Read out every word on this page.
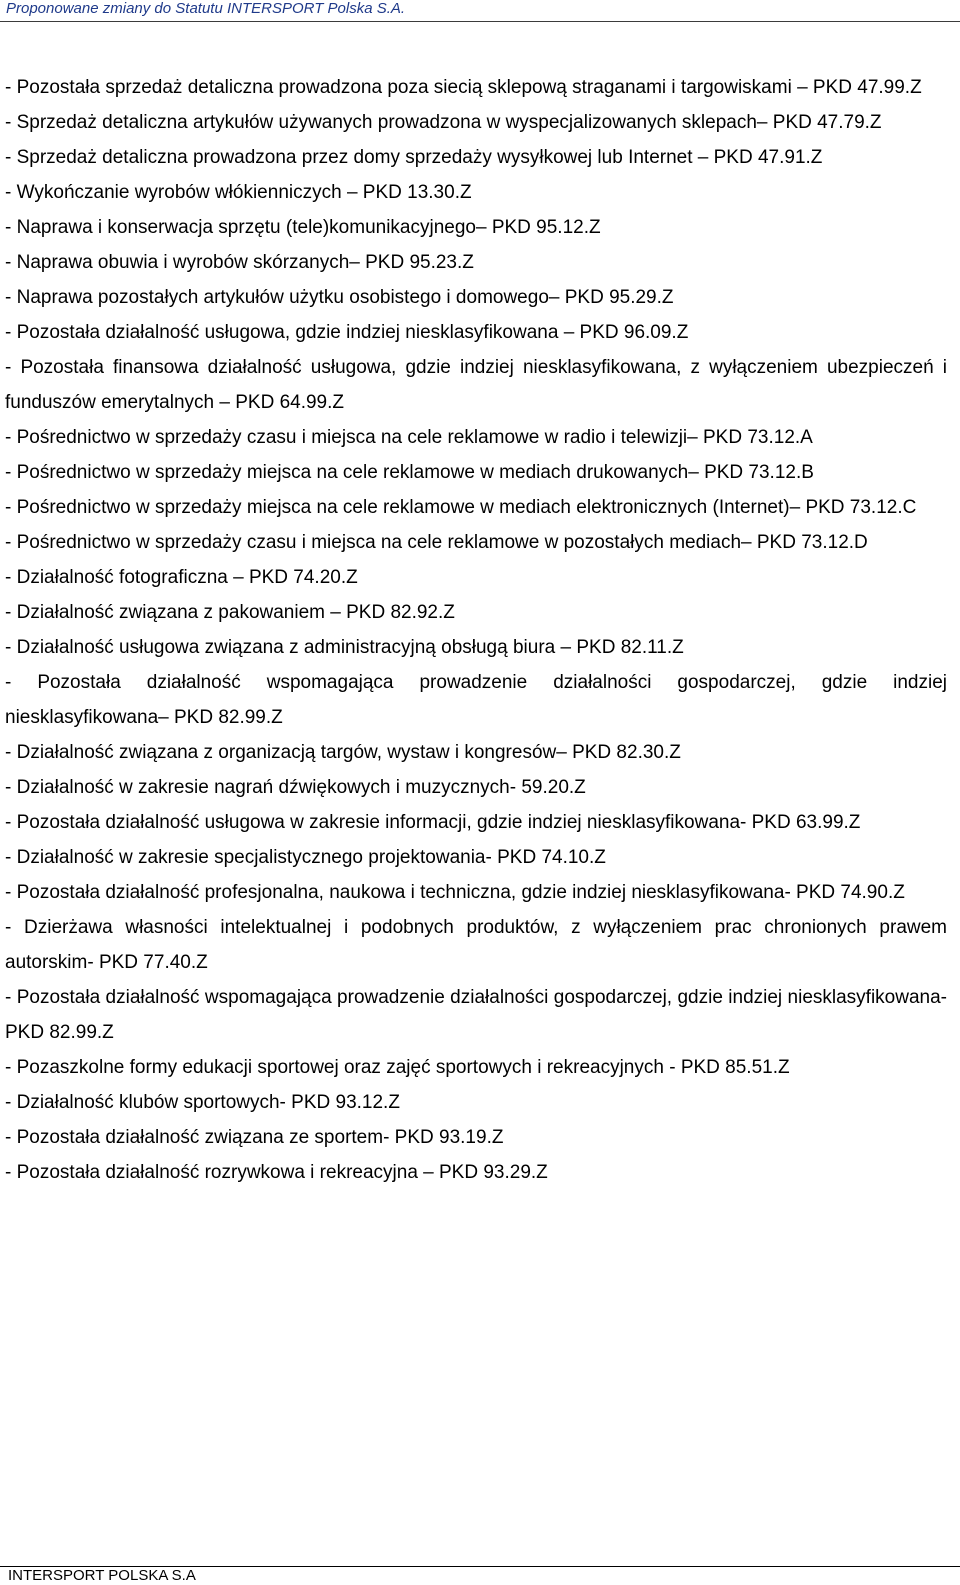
Proponowane zmiany do Statutu INTERSPORT Polska S.A.

- Pozostała sprzedaż detaliczna prowadzona poza siecią sklepową straganami i targowiskami – PKD 47.99.Z

- Sprzedaż detaliczna artykułów używanych prowadzona w wyspecjalizowanych sklepach– PKD 47.79.Z

- Sprzedaż detaliczna prowadzona przez domy sprzedaży wysyłkowej lub Internet – PKD 47.91.Z

- Wykończanie wyrobów włókienniczych – PKD 13.30.Z

- Naprawa i konserwacja sprzętu (tele)komunikacyjnego– PKD 95.12.Z

- Naprawa obuwia i wyrobów skórzanych– PKD 95.23.Z

- Naprawa pozostałych artykułów użytku osobistego i domowego– PKD 95.29.Z

- Pozostała działalność usługowa, gdzie indziej niesklasyfikowana – PKD 96.09.Z

- Pozostała finansowa działalność usługowa, gdzie indziej niesklasyfikowana, z wyłączeniem ubezpieczeń i funduszów emerytalnych – PKD 64.99.Z

- Pośrednictwo w sprzedaży czasu i miejsca na cele reklamowe w radio i telewizji– PKD 73.12.A

- Pośrednictwo w sprzedaży miejsca na cele reklamowe w mediach drukowanych– PKD 73.12.B

- Pośrednictwo w sprzedaży miejsca na cele reklamowe w mediach elektronicznych (Internet)– PKD 73.12.C

- Pośrednictwo w sprzedaży czasu i miejsca na cele reklamowe w pozostałych mediach– PKD 73.12.D

- Działalność fotograficzna – PKD 74.20.Z

- Działalność związana z pakowaniem – PKD 82.92.Z

- Działalność usługowa związana z administracyjną obsługą biura – PKD 82.11.Z

- Pozostała działalność wspomagająca prowadzenie działalności gospodarczej, gdzie indziej niesklasyfikowana– PKD 82.99.Z

- Działalność związana z organizacją targów, wystaw i kongresów– PKD 82.30.Z

- Działalność w zakresie nagrań dźwiękowych i muzycznych- 59.20.Z

- Pozostała działalność usługowa w zakresie informacji, gdzie indziej niesklasyfikowana- PKD 63.99.Z

- Działalność w zakresie specjalistycznego projektowania- PKD 74.10.Z

- Pozostała działalność profesjonalna, naukowa i techniczna, gdzie indziej niesklasyfikowana- PKD 74.90.Z

- Dzierżawa własności intelektualnej i podobnych produktów, z wyłączeniem prac chronionych prawem autorskim- PKD 77.40.Z

- Pozostała działalność wspomagająca prowadzenie działalności gospodarczej, gdzie indziej niesklasyfikowana- PKD 82.99.Z

- Pozaszkolne formy edukacji sportowej oraz zajęć sportowych i rekreacyjnych - PKD 85.51.Z

- Działalność klubów sportowych- PKD 93.12.Z

- Pozostała działalność związana ze sportem- PKD 93.19.Z

- Pozostała działalność rozrywkowa i rekreacyjna – PKD 93.29.Z

INTERSPORT POLSKA S.A
